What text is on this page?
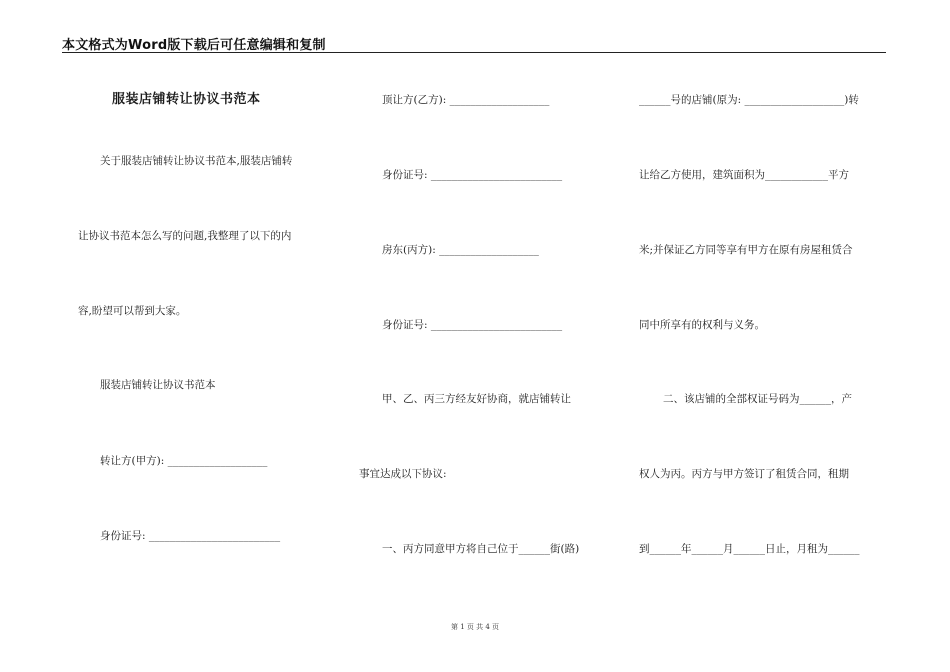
本文格式为Word版下载后可任意编辑和复制
服装店铺转让协议书范本
关于服装店铺转让协议书范本,服装店铺转
让协议书范本怎么写的问题,我整理了以下的内
容,盼望可以帮到大家。
服装店铺转让协议书范本
转让方(甲方): ___________________
身份证号: _________________________
顶让方(乙方): ___________________
身份证号: _________________________
房东(丙方): ___________________
身份证号: _________________________
甲、乙、丙三方经友好协商，就店铺转让
事宜达成以下协议:
一、丙方同意甲方将自己位于______街(路)
______号的店铺(原为: ___________________)转
让给乙方使用，建筑面积为____________平方
米;并保证乙方同等享有甲方在原有房屋租赁合
同中所享有的权利与义务。
二、该店铺的全部权证号码为______，产
权人为丙。丙方与甲方签订了租赁合同，租期
到______年______月______日止，月租为______
第 1 页 共 4 页
